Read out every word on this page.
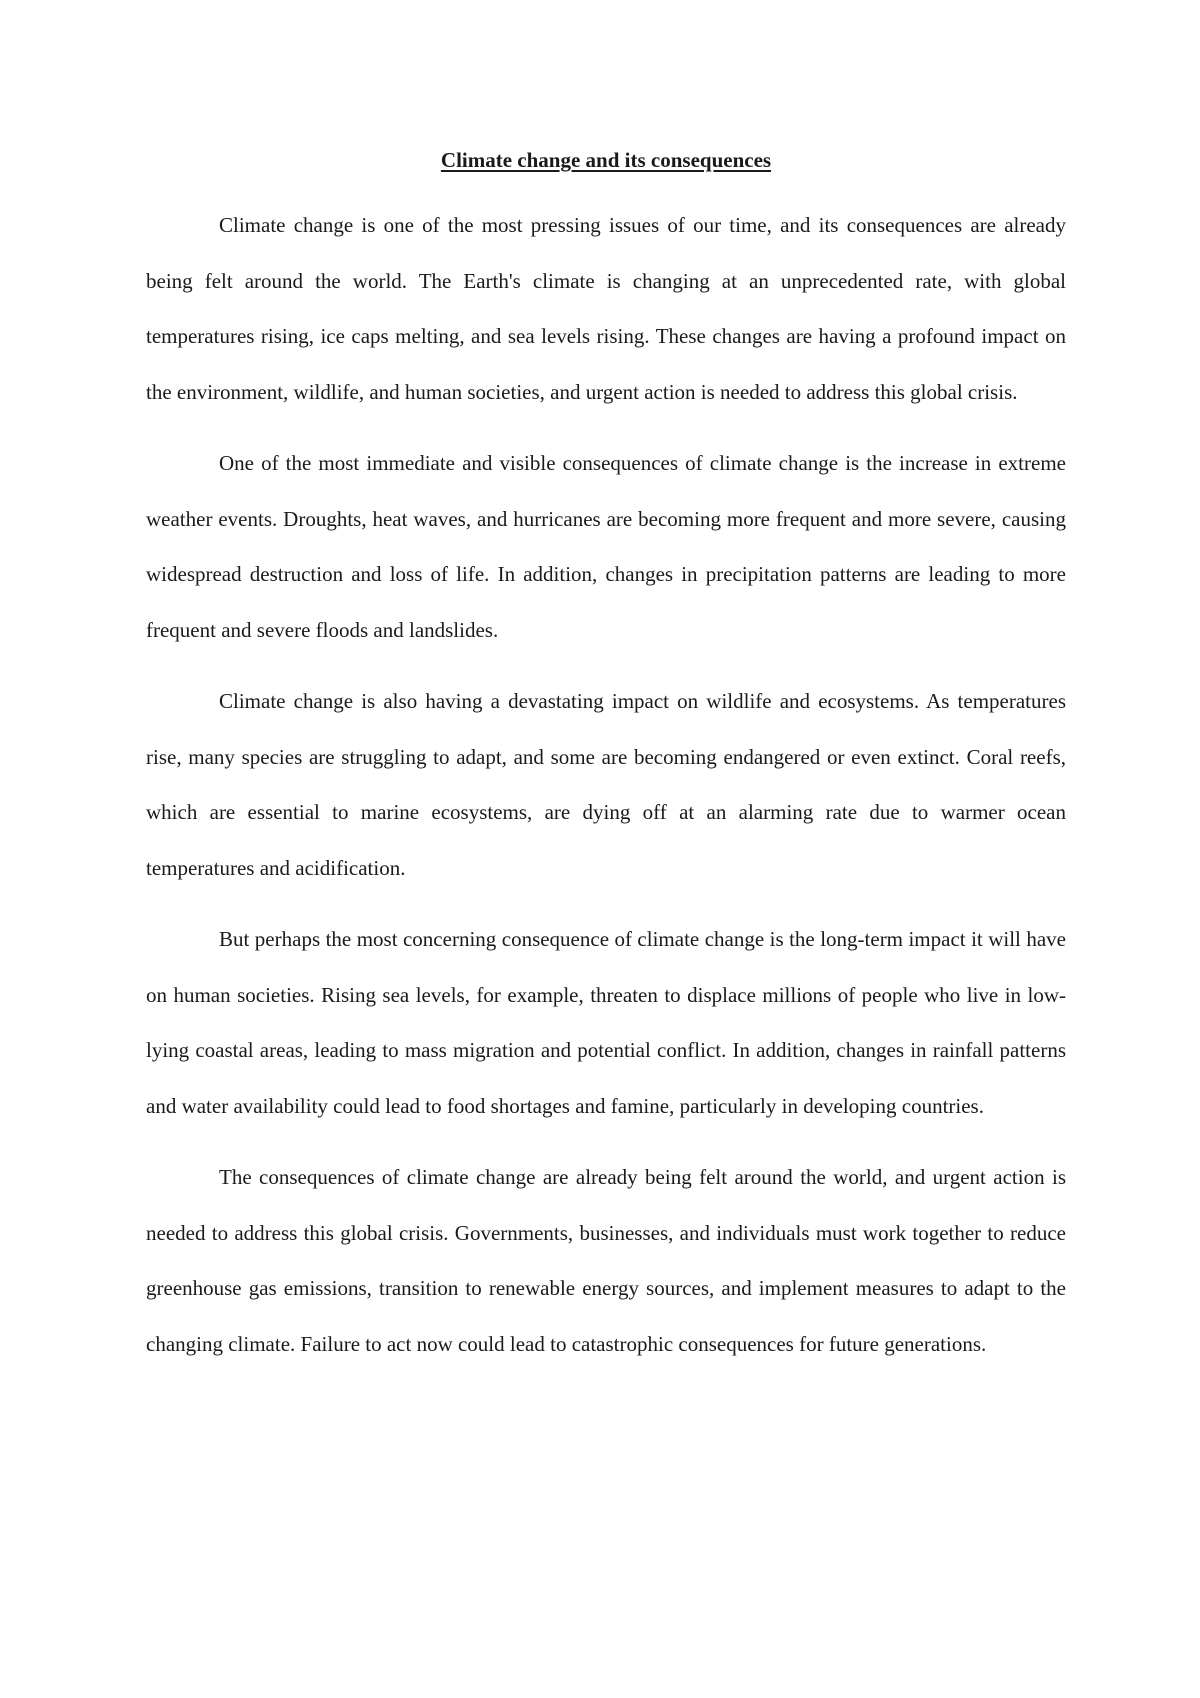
Climate change and its consequences

Climate change is one of the most pressing issues of our time, and its consequences are already being felt around the world. The Earth's climate is changing at an unprecedented rate, with global temperatures rising, ice caps melting, and sea levels rising. These changes are having a profound impact on the environment, wildlife, and human societies, and urgent action is needed to address this global crisis.

One of the most immediate and visible consequences of climate change is the increase in extreme weather events. Droughts, heat waves, and hurricanes are becoming more frequent and more severe, causing widespread destruction and loss of life. In addition, changes in precipitation patterns are leading to more frequent and severe floods and landslides.

Climate change is also having a devastating impact on wildlife and ecosystems. As temperatures rise, many species are struggling to adapt, and some are becoming endangered or even extinct. Coral reefs, which are essential to marine ecosystems, are dying off at an alarming rate due to warmer ocean temperatures and acidification.

But perhaps the most concerning consequence of climate change is the long-term impact it will have on human societies. Rising sea levels, for example, threaten to displace millions of people who live in low-lying coastal areas, leading to mass migration and potential conflict. In addition, changes in rainfall patterns and water availability could lead to food shortages and famine, particularly in developing countries.

The consequences of climate change are already being felt around the world, and urgent action is needed to address this global crisis. Governments, businesses, and individuals must work together to reduce greenhouse gas emissions, transition to renewable energy sources, and implement measures to adapt to the changing climate. Failure to act now could lead to catastrophic consequences for future generations.
